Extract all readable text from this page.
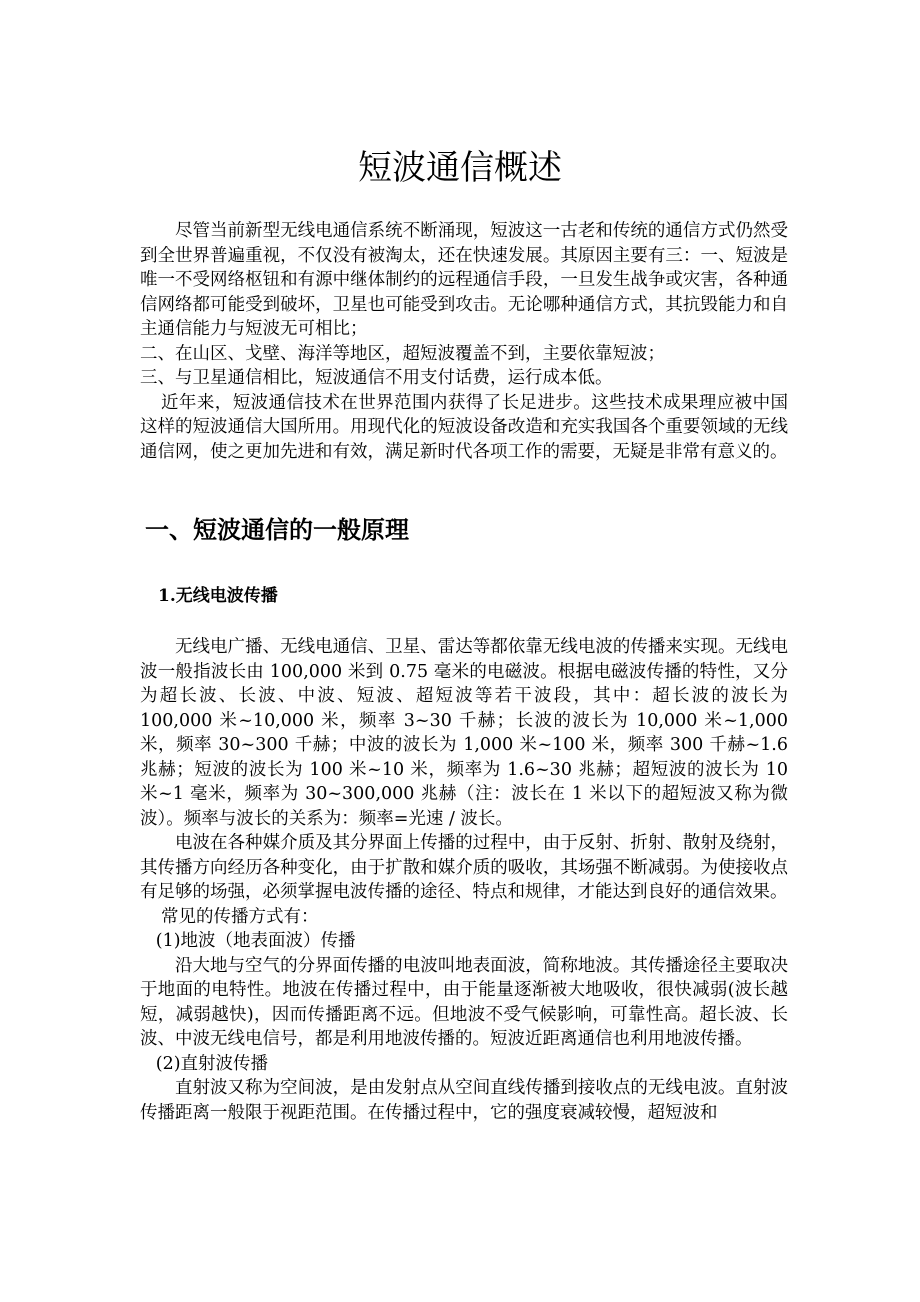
短波通信概述

尽管当前新型无线电通信系统不断涌现，短波这一古老和传统的通信方式仍然受到全世界普遍重视，不仅没有被淘太，还在快速发展。其原因主要有三：一、短波是唯一不受网络枢钮和有源中继体制约的远程通信手段，一旦发生战争或灾害，各种通信网络都可能受到破坏，卫星也可能受到攻击。无论哪种通信方式，其抗毁能力和自主通信能力与短波无可相比；

二、在山区、戈壁、海洋等地区，超短波覆盖不到，主要依靠短波；

三、与卫星通信相比，短波通信不用支付话费，运行成本低。

近年来，短波通信技术在世界范围内获得了长足进步。这些技术成果理应被中国这样的短波通信大国所用。用现代化的短波设备改造和充实我国各个重要领域的无线通信网，使之更加先进和有效，满足新时代各项工作的需要，无疑是非常有意义的。

一、短波通信的一般原理
1.无线电波传播

无线电广播、无线电通信、卫星、雷达等都依靠无线电波的传播来实现。无线电波一般指波长由 100,000 米到 0.75 毫米的电磁波。根据电磁波传播的特性，又分为超长波、长波、中波、短波、超短波等若干波段，其中：超长波的波长为 100,000 米~10,000 米，频率 3~30 千赫；长波的波长为 10,000 米~1,000 米，频率 30~300 千赫；中波的波长为 1,000 米~100 米，频率 300 千赫~1.6 兆赫；短波的波长为 100 米~10 米，频率为 1.6~30 兆赫；超短波的波长为 10 米~1 毫米，频率为 30~300,000 兆赫（注：波长在 1 米以下的超短波又称为微波）。频率与波长的关系为：频率=光速 / 波长。

电波在各种媒介质及其分界面上传播的过程中，由于反射、折射、散射及绕射，其传播方向经历各种变化，由于扩散和媒介质的吸收，其场强不断减弱。为使接收点有足够的场强，必须掌握电波传播的途径、特点和规律，才能达到良好的通信效果。

常见的传播方式有：

(1)地波（地表面波）传播

沿大地与空气的分界面传播的电波叫地表面波，简称地波。其传播途径主要取决于地面的电特性。地波在传播过程中，由于能量逐渐被大地吸收，很快减弱(波长越短，减弱越快)，因而传播距离不远。但地波不受气候影响，可靠性高。超长波、长波、中波无线电信号，都是利用地波传播的。短波近距离通信也利用地波传播。

(2)直射波传播

直射波又称为空间波，是由发射点从空间直线传播到接收点的无线电波。直射波传播距离一般限于视距范围。在传播过程中，它的强度衰减较慢，超短波和
